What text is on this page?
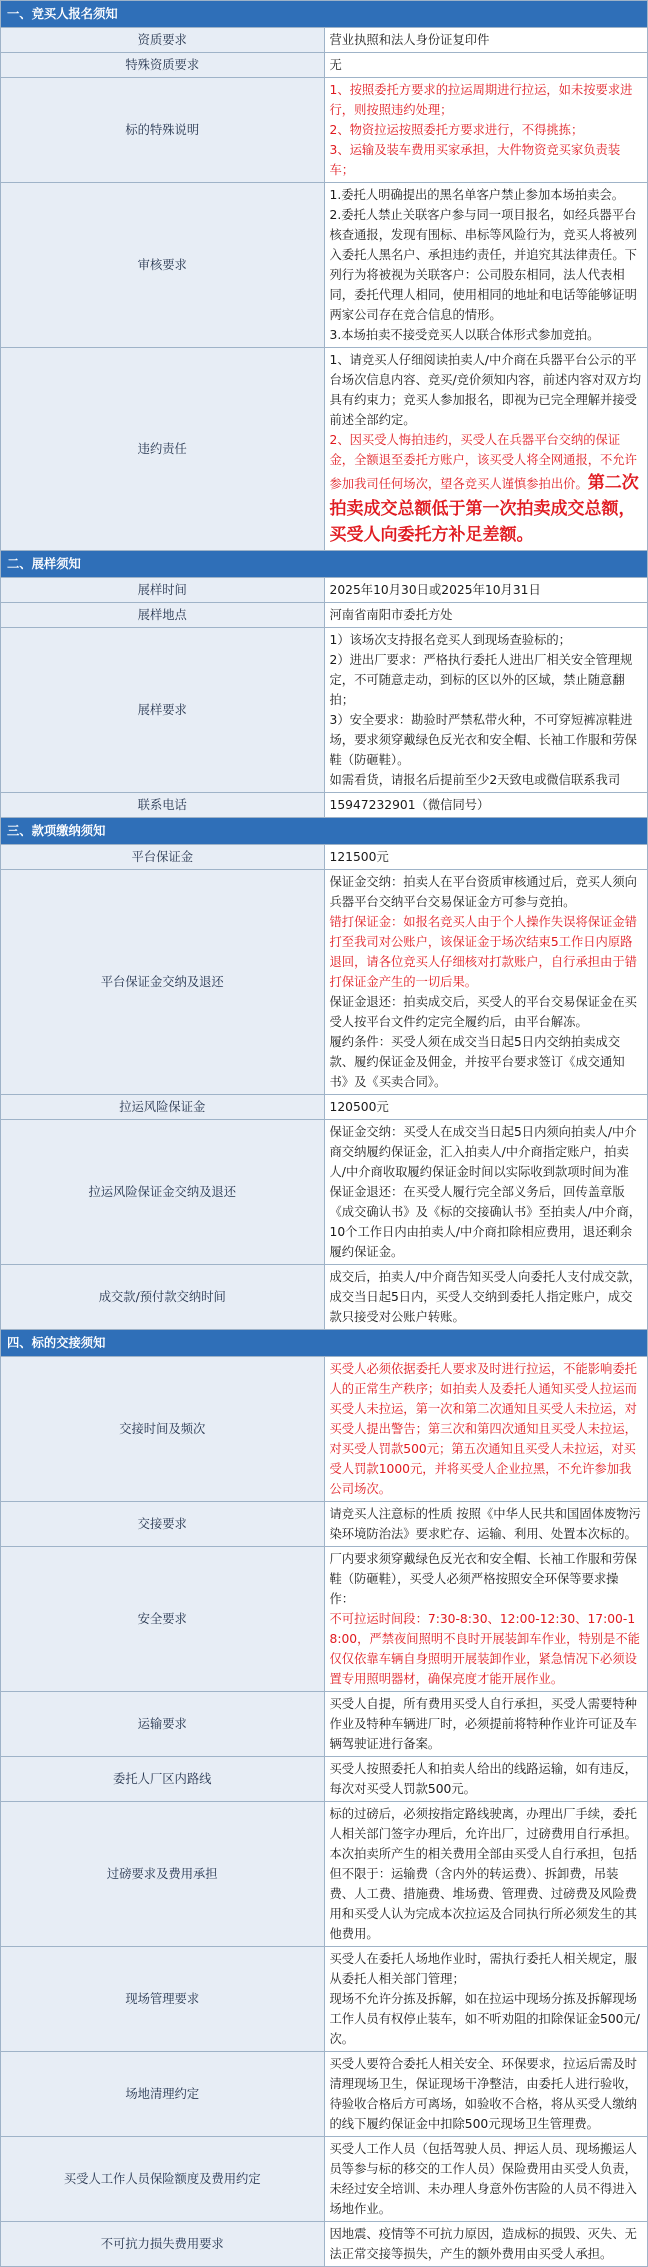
一、竞买人报名须知	
资质要求	营业执照和法人身份证复印件

特殊资质要求	无

标的特殊说明	1、按照委托方要求的拉运周期进行拉运，如未按要求进行，则按照违约处理；
2、物资拉运按照委托方要求进行，不得挑拣；
3、运输及装车费用买家承担，大件物资竞买家负责装车；

审核要求	1.委托人明确提出的黑名单客户禁止参加本场拍卖会。
2.委托人禁止关联客户参与同一项目报名，如经兵器平台核查通报，发现有围标、串标等风险行为，竞买人将被列入委托人黑名户、承担违约责任，并追究其法律责任。下列行为将被视为关联客户：公司股东相同，法人代表相同，委托代理人相同，使用相同的地址和电话等能够证明两家公司存在竞合信息的情形。
3.本场拍卖不接受竞买人以联合体形式参加竞拍。

违约责任	1、请竞买人仔细阅读拍卖人/中介商在兵器平台公示的平台场次信息内容、竞买/竞价须知内容，前述内容对双方均具有约束力；竞买人参加报名，即视为已完全理解并接受前述全部约定。
2、因买受人悔拍违约，买受人在兵器平台交纳的保证金，全额退至委托方账户，该买受人将全网通报，不允许参加我司任何场次，望各竞买人谨慎参拍出价。第二次拍卖成交总额低于第一次拍卖成交总额，买受人向委托方补足差额。

二、展样须知	
展样时间	2025年10月30日或2025年10月31日

展样地点	河南省南阳市委托方处

展样要求	1）该场次支持报名竞买人到现场查验标的；
2）进出厂要求：严格执行委托人进出厂相关安全管理规定，不可随意走动，到标的区以外的区域，禁止随意翻拍；
3）安全要求：勘验时严禁私带火种，不可穿短裤凉鞋进场，要求须穿戴绿色反光衣和安全帽、长袖工作服和劳保鞋（防砸鞋）。
如需看货，请报名后提前至少2天致电或微信联系我司

联系电话	15947232901（微信同号）

三、款项缴纳须知	
平台保证金	121500元

平台保证金交纳及退还	保证金交纳：拍卖人在平台资质审核通过后，竞买人须向兵器平台交纳平台交易保证金方可参与竞拍。
错打保证金：如报名竞买人由于个人操作失误将保证金错打至我司对公账户，该保证金于场次结束5工作日内原路退回，请各位竞买人仔细核对打款账户，自行承担由于错打保证金产生的一切后果。
保证金退还：拍卖成交后，买受人的平台交易保证金在买受人按平台文件约定完全履约后，由平台解冻。
履约条件：买受人须在成交当日起5日内交纳拍卖成交款、履约保证金及佣金，并按平台要求签订《成交通知书》及《买卖合同》。

拉运风险保证金	120500元

拉运风险保证金交纳及退还	保证金交纳：买受人在成交当日起5日内须向拍卖人/中介商交纳履约保证金，汇入拍卖人/中介商指定账户，拍卖人/中介商收取履约保证金时间以实际收到款项时间为准
保证金退还：在买受人履行完全部义务后，回传盖章版《成交确认书》及《标的交接确认书》至拍卖人/中介商，10个工作日内由拍卖人/中介商扣除相应费用，退还剩余履约保证金。

成交款/预付款交纳时间	成交后，拍卖人/中介商告知买受人向委托人支付成交款，成交当日起5日内，买受人交纳到委托人指定账户，成交款只接受对公账户转账。

四、标的交接须知	
交接时间及频次	买受人必须依据委托人要求及时进行拉运，不能影响委托人的正常生产秩序；如拍卖人及委托人通知买受人拉运而买受人未拉运，第一次和第二次通知且买受人未拉运，对买受人提出警告；第三次和第四次通知且买受人未拉运，对买受人罚款500元；第五次通知且买受人未拉运，对买受人罚款1000元，并将买受人企业拉黑，不允许参加我公司场次。

交接要求	请竞买人注意标的性质 按照《中华人民共和国固体废物污染环境防治法》要求贮存、运输、利用、处置本次标的。

安全要求	厂内要求须穿戴绿色反光衣和安全帽、长袖工作服和劳保鞋（防砸鞋），买受人必须严格按照安全环保等要求操作：
不可拉运时间段：7:30-8:30、12:00-12:30、17:00-18:00，严禁夜间照明不良时开展装卸车作业，特别是不能仅仅依靠车辆自身照明开展装卸作业，紧急情况下必须设置专用照明器材，确保亮度才能开展作业。

运输要求	买受人自提，所有费用买受人自行承担，买受人需要特种作业及特种车辆进厂时，必须提前将特种作业许可证及车辆驾驶证进行备案。

委托人厂区内路线	买受人按照委托人和拍卖人给出的线路运输，如有违反，每次对买受人罚款500元。

过磅要求及费用承担	标的过磅后，必须按指定路线驶离，办理出厂手续，委托人相关部门签字办理后，允许出厂，过磅费用自行承担。本次拍卖所产生的相关费用全部由买受人自行承担，包括但不限于：运输费（含内外的转运费）、拆卸费，吊装费、人工费、措施费、堆场费、管理费、过磅费及风险费用和买受人认为完成本次拉运及合同执行所必须发生的其他费用。

现场管理要求	买受人在委托人场地作业时，需执行委托人相关规定，服从委托人相关部门管理；
现场不允许分拣及拆解，如在拉运中现场分拣及拆解现场工作人员有权停止装车，如不听劝阻的扣除保证金500元/次。

场地清理约定	买受人要符合委托人相关安全、环保要求，拉运后需及时清理现场卫生，保证现场干净整洁，由委托人进行验收，待验收合格后方可离场，如验收不合格，将从买受人缴纳的线下履约保证金中扣除500元现场卫生管理费。

买受人工作人员保险额度及费用约定	买受人工作人员（包括驾驶人员、押运人员、现场搬运人员等参与标的移交的工作人员）保险费用由买受人负责，未经过安全培训、未办理人身意外伤害险的人员不得进入场地作业。

不可抗力损失费用要求	因地震、疫情等不可抗力原因，造成标的损毁、灭失、无法正常交接等损失，产生的额外费用由买受人承担。
